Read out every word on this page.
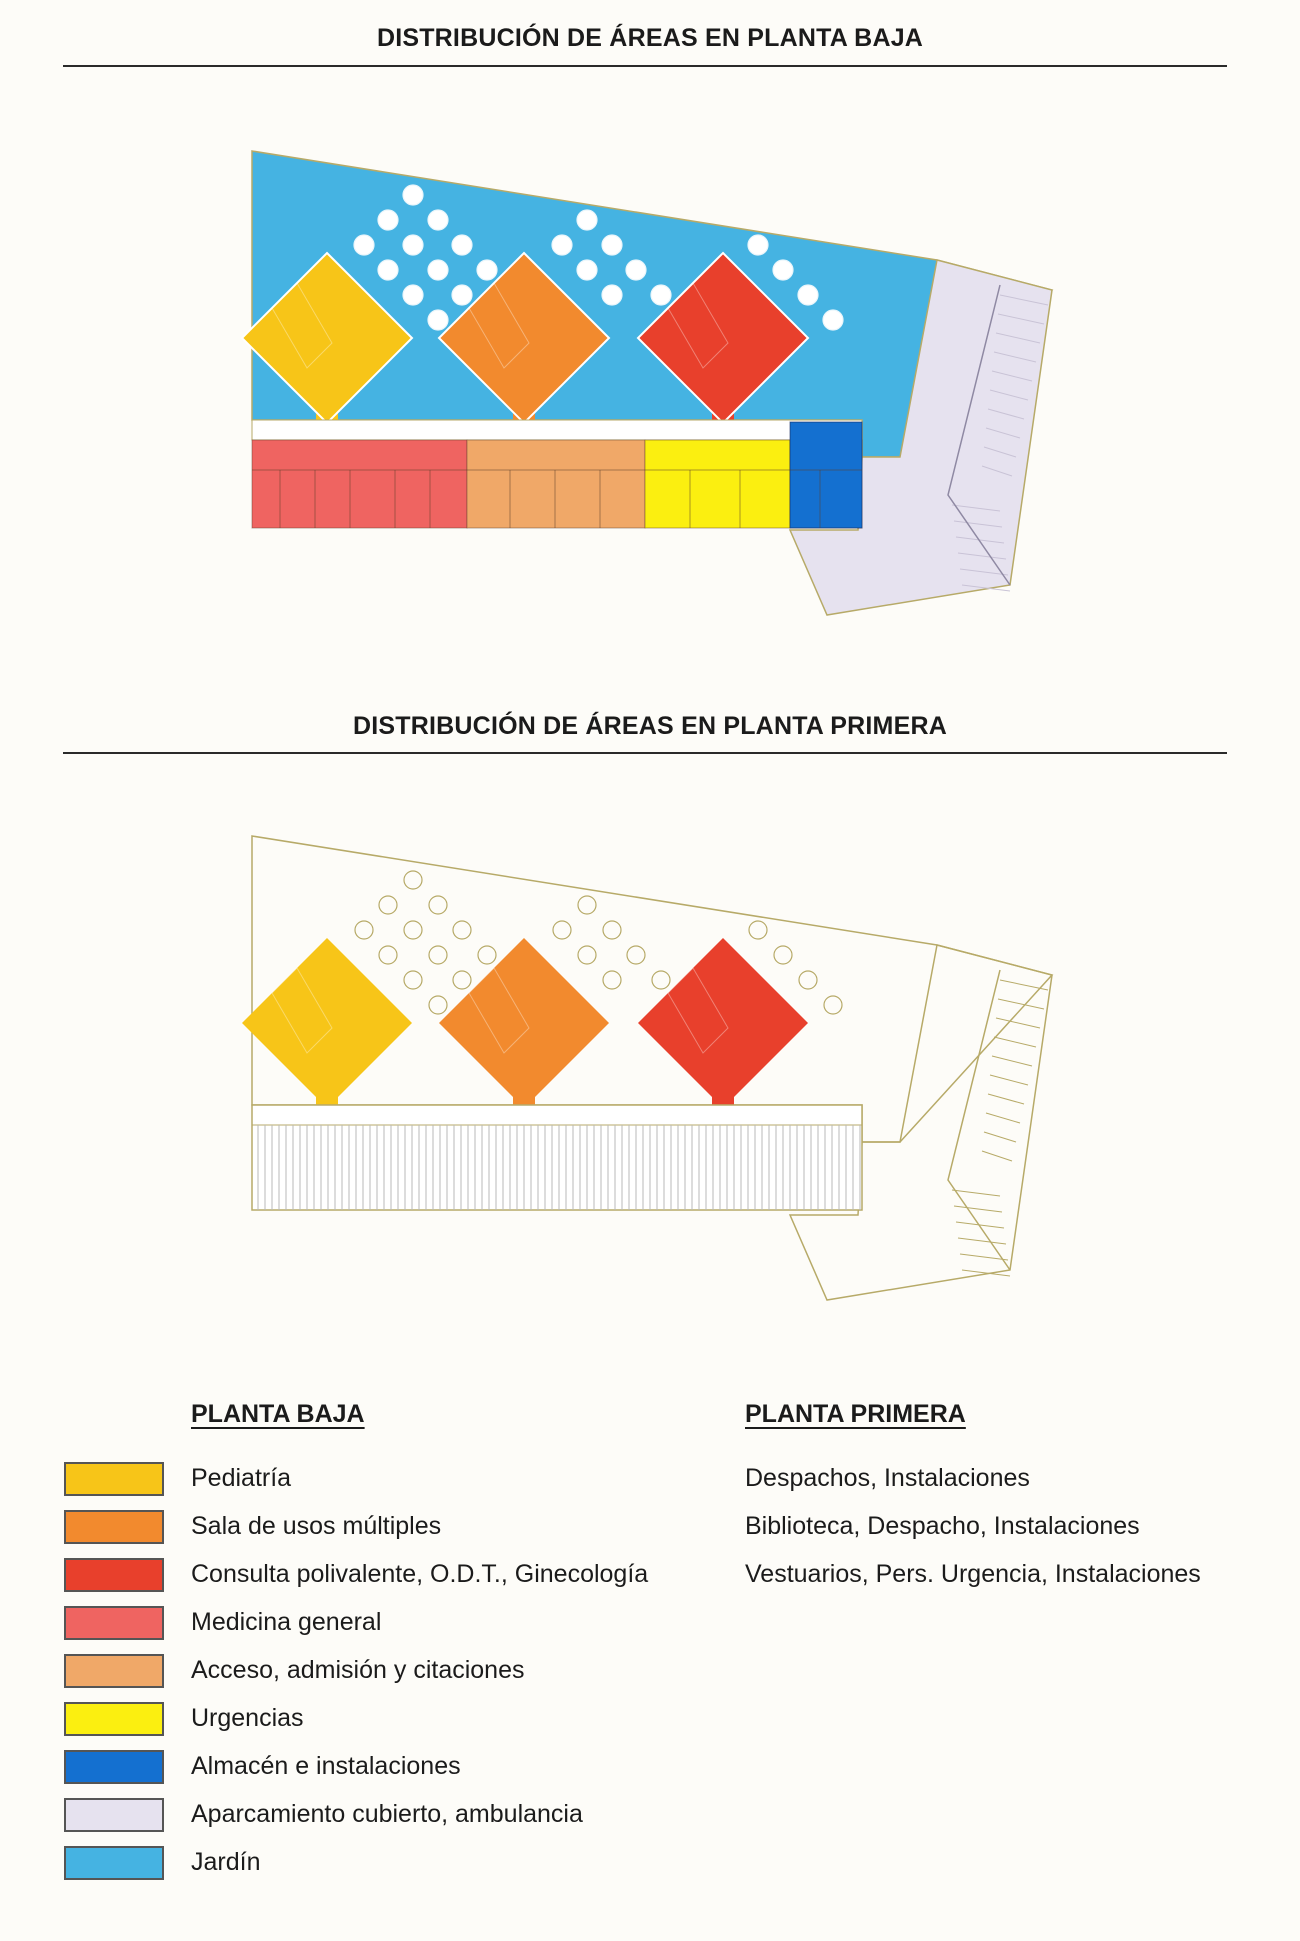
DISTRIBUCIÓN DE ÁREAS EN PLANTA BAJA
DISTRIBUCIÓN DE ÁREAS EN PLANTA PRIMERA
PLANTA BAJA	PLANTA PRIMERA
Pediatría
Sala de usos múltiples
Consulta polivalente, O.D.T., Ginecología
Medicina general
Acceso, admisión y citaciones
Urgencias
Almacén e instalaciones
Aparcamiento cubierto, ambulancia
Jardín
Despachos, Instalaciones
Biblioteca, Despacho, Instalaciones
Vestuarios, Pers. Urgencia, Instalaciones
